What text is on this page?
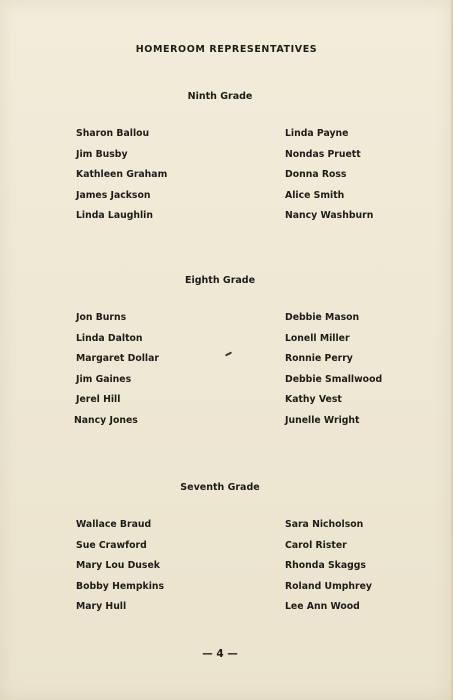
HOMEROOM REPRESENTATIVES
Ninth Grade
Sharon Ballou
Jim Busby
Kathleen Graham
James Jackson
Linda Laughlin
Linda Payne
Nondas Pruett
Donna Ross
Alice Smith
Nancy Washburn
Eighth Grade
Jon Burns
Linda Dalton
Margaret Dollar
Jim Gaines
Jerel Hill
Nancy Jones
Debbie Mason
Lonell Miller
Ronnie Perry
Debbie Smallwood
Kathy Vest
Junelle Wright
Seventh Grade
Wallace Braud
Sue Crawford
Mary Lou Dusek
Bobby Hempkins
Mary Hull
Sara Nicholson
Carol Rister
Rhonda Skaggs
Roland Umphrey
Lee Ann Wood
— 4 —
